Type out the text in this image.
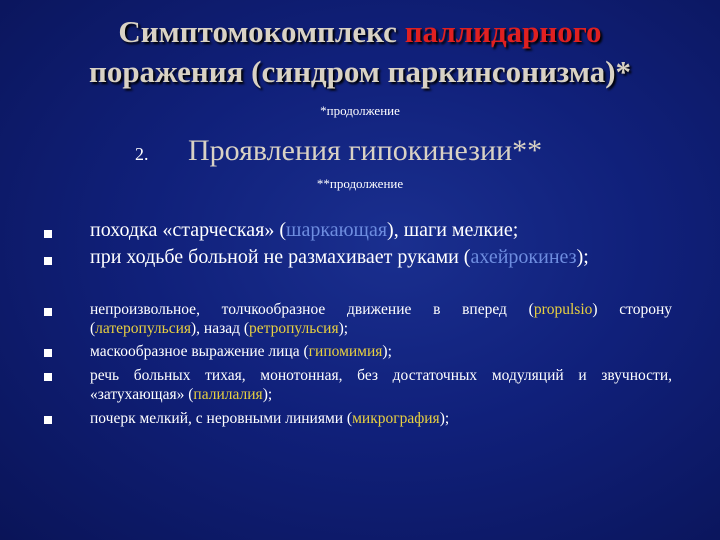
Симптомокомплекс паллидарного
поражения (синдром паркинсонизма)*
*продолжение
2. Проявления гипокинезии**
**продолжение
походка «старческая» (шаркающая), шаги мелкие;
при ходьбе больной не размахивает руками (ахейрокинез);
непроизвольное, толчкообразное движение в вперед (propulsio) сторону (латеропульсия), назад (ретропульсия);
маскообразное выражение лица (гипомимия);
речь больных тихая, монотонная, без достаточных модуляций и звучности, «затухающая» (палилалия);
почерк мелкий, с неровными линиями (микрография);
